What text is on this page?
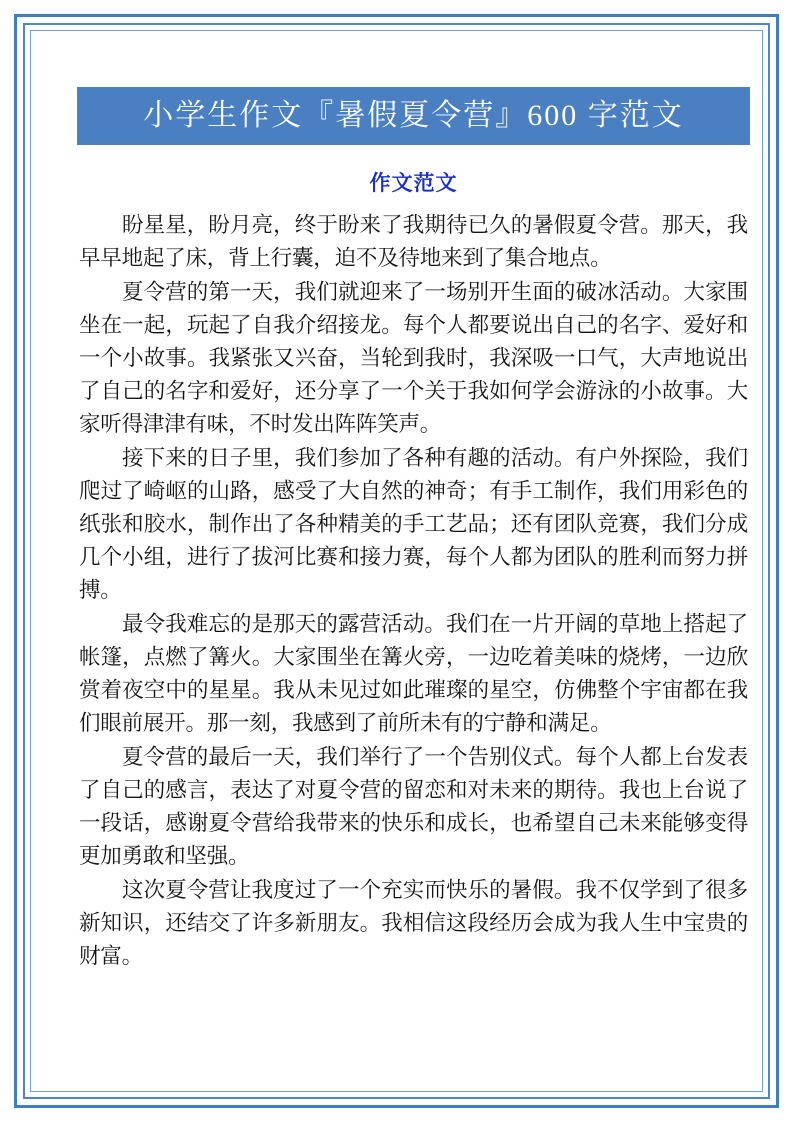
小学生作文『暑假夏令营』600 字范文
作文范文

盼星星，盼月亮，终于盼来了我期待已久的暑假夏令营。那天，我早早地起了床，背上行囊，迫不及待地来到了集合地点。

夏令营的第一天，我们就迎来了一场别开生面的破冰活动。大家围坐在一起，玩起了自我介绍接龙。每个人都要说出自己的名字、爱好和一个小故事。我紧张又兴奋，当轮到我时，我深吸一口气，大声地说出了自己的名字和爱好，还分享了一个关于我如何学会游泳的小故事。大家听得津津有味，不时发出阵阵笑声。

接下来的日子里，我们参加了各种有趣的活动。有户外探险，我们爬过了崎岖的山路，感受了大自然的神奇；有手工制作，我们用彩色的纸张和胶水，制作出了各种精美的手工艺品；还有团队竞赛，我们分成几个小组，进行了拔河比赛和接力赛，每个人都为团队的胜利而努力拼搏。

最令我难忘的是那天的露营活动。我们在一片开阔的草地上搭起了帐篷，点燃了篝火。大家围坐在篝火旁，一边吃着美味的烧烤，一边欣赏着夜空中的星星。我从未见过如此璀璨的星空，仿佛整个宇宙都在我们眼前展开。那一刻，我感到了前所未有的宁静和满足。

夏令营的最后一天，我们举行了一个告别仪式。每个人都上台发表了自己的感言，表达了对夏令营的留恋和对未来的期待。我也上台说了一段话，感谢夏令营给我带来的快乐和成长，也希望自己未来能够变得更加勇敢和坚强。

这次夏令营让我度过了一个充实而快乐的暑假。我不仅学到了很多新知识，还结交了许多新朋友。我相信这段经历会成为我人生中宝贵的财富。
